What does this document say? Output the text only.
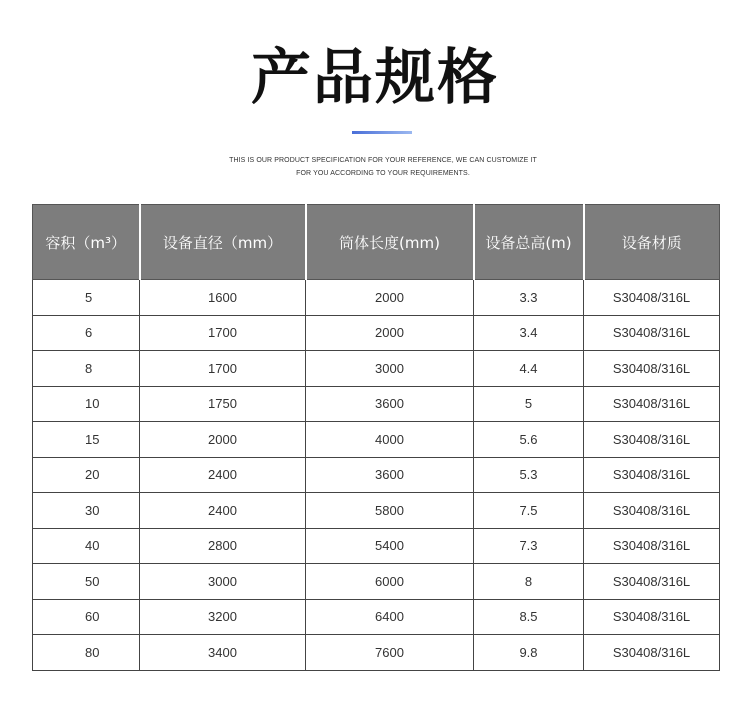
产品规格
THIS IS OUR PRODUCT SPECIFICATION FOR YOUR REFERENCE, WE CAN CUSTOMIZE IT
FOR YOU ACCORDING TO YOUR REQUIREMENTS.
容积（m³）	设备直径（mm）	筒体长度(mm)	设备总高(m)	设备材质
5	1600	2000	3.3	S30408/316L
6	1700	2000	3.4	S30408/316L
8	1700	3000	4.4	S30408/316L
10	1750	3600	5	S30408/316L
15	2000	4000	5.6	S30408/316L
20	2400	3600	5.3	S30408/316L
30	2400	5800	7.5	S30408/316L
40	2800	5400	7.3	S30408/316L
50	3000	6000	8	S30408/316L
60	3200	6400	8.5	S30408/316L
80	3400	7600	9.8	S30408/316L
